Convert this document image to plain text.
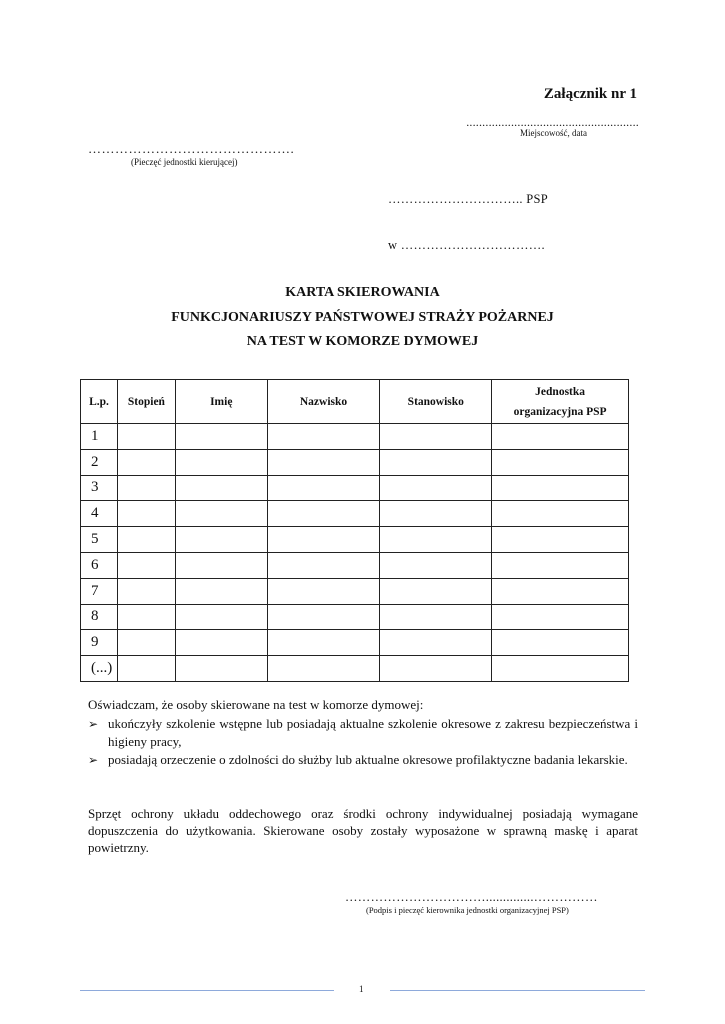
Załącznik nr 1
......................................................
Miejscowość, data
……………………………………….
(Pieczęć jednostki kierującej)
………………………….. PSP
w …………………………….
KARTA SKIEROWANIA
FUNKCJONARIUSZY PAŃSTWOWEJ STRAŻY POŻARNEJ
NA TEST W KOMORZE DYMOWEJ
L.p.	Stopień	Imię	Nazwisko	Stanowisko	Jednostka
organizacyjna PSP
1					
2					
3					
4					
5					
6					
7					
8					
9					
(...)					
Oświadczam, że osoby skierowane na test w komorze dymowej:
➢ ukończyły szkolenie wstępne lub posiadają aktualne szkolenie okresowe z zakresu bezpieczeństwa i higieny pracy,
➢ posiadają orzeczenie o zdolności do służby lub aktualne okresowe profilaktyczne badania lekarskie.
Sprzęt ochrony układu oddechowego oraz środki ochrony indywidualnej posiadają wymagane dopuszczenia do użytkowania. Skierowane osoby zostały wyposażone w sprawną maskę i aparat powietrzny.
……………………………..............……………
(Podpis i pieczęć kierownika jednostki organizacyjnej PSP)
1
